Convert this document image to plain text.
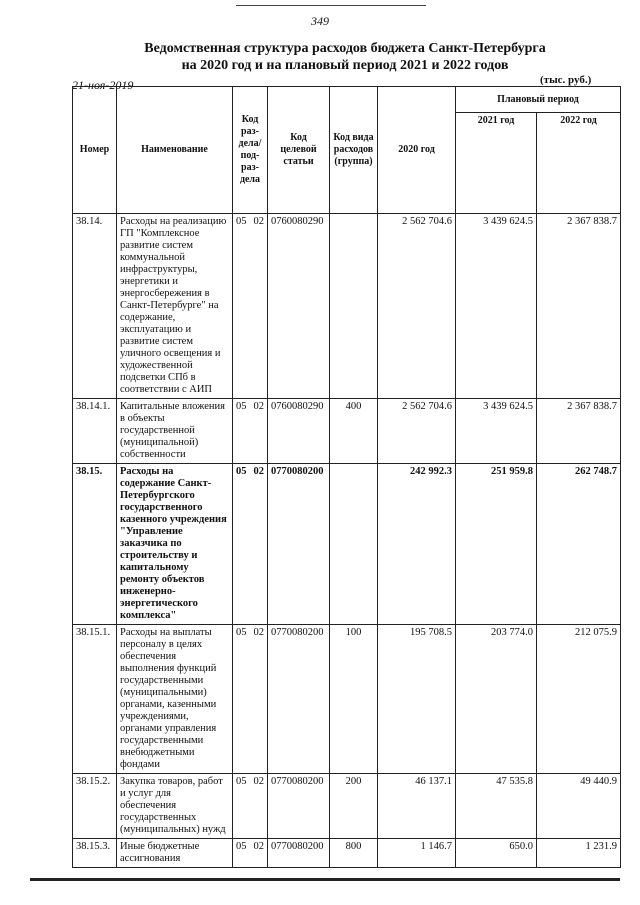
349
Ведомственная структура расходов бюджета Санкт-Петербурга
на 2020 год и на плановый период 2021 и 2022 годов
21-ноя-2019	(тыс. руб.)
Номер	Наименование	Код раз-дела/ под-раз-дела	Код целевой статьи	Код вида расходов (группа)	2020 год	Плановый период	
						2021 год	2022 год
38.14.	Расходы на реализацию ГП "Комплексное развитие систем коммунальной инфраструктуры, энергетики и энергосбережения в Санкт-Петербурге" на содержание, эксплуатацию и развитие систем уличного освещения и художественной подсветки СПб в соответствии с АИП	05 02	0760080290		2 562 704.6	3 439 624.5	2 367 838.7
38.14.1.	Капитальные вложения в объекты государственной (муниципальной) собственности	05 02	0760080290	400	2 562 704.6	3 439 624.5	2 367 838.7
38.15.	Расходы на содержание Санкт-Петербургского государственного казенного учреждения "Управление заказчика по строительству и капитальному ремонту объектов инженерно-энергетического комплекса"	05 02	0770080200		242 992.3	251 959.8	262 748.7
38.15.1.	Расходы на выплаты персоналу в целях обеспечения выполнения функций государственными (муниципальными) органами, казенными учреждениями, органами управления государственными внебюджетными фондами	05 02	0770080200	100	195 708.5	203 774.0	212 075.9
38.15.2.	Закупка товаров, работ и услуг для обеспечения государственных (муниципальных) нужд	05 02	0770080200	200	46 137.1	47 535.8	49 440.9
38.15.3.	Иные бюджетные ассигнования	05 02	0770080200	800	1 146.7	650.0	1 231.9
